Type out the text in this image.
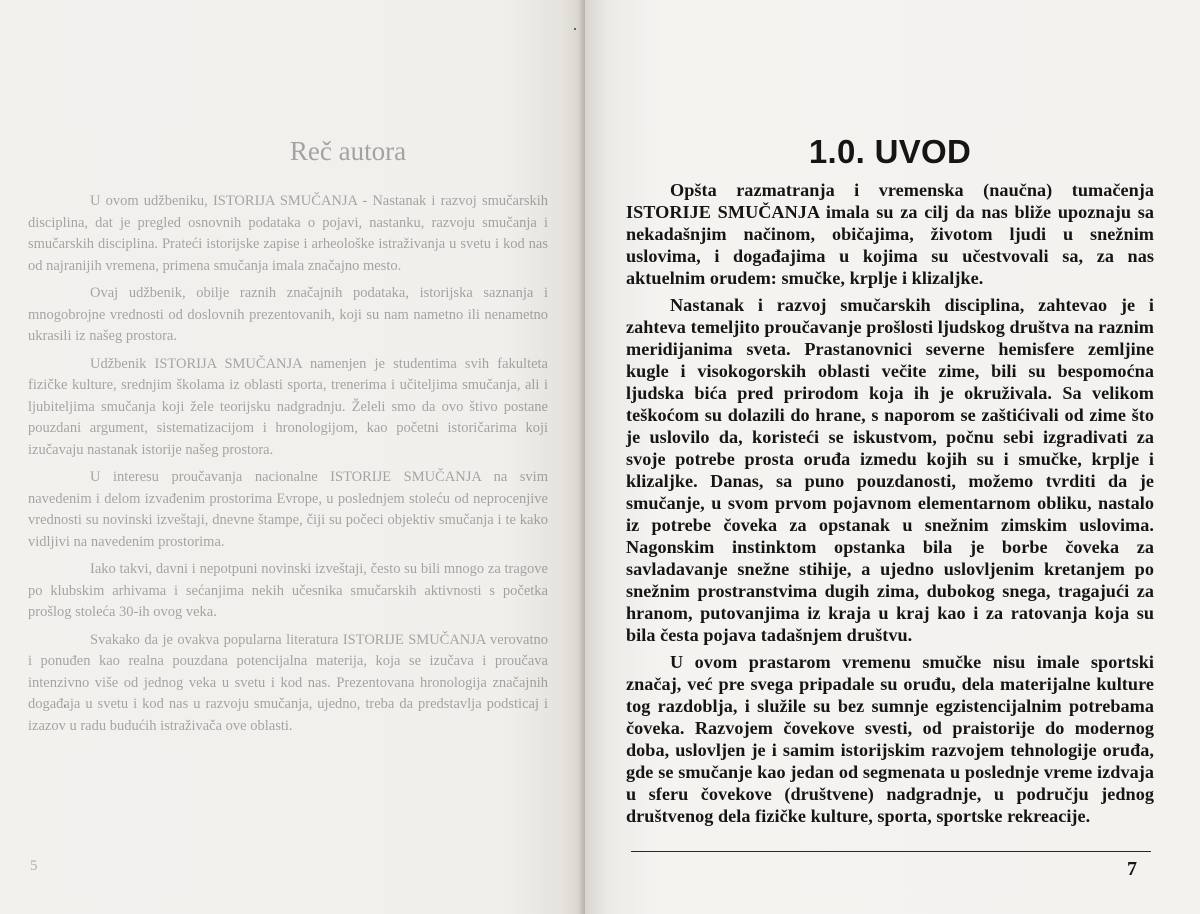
Reč autora

U ovom udžbeniku, ISTORIJA SMUČANJA - Nastanak i razvoj smučarskih disciplina, dat je pregled osnovnih podataka o pojavi, nastanku, razvoju smučanja i smučarskih disciplina. Prateći istorijske zapise i arheološke istraživanja u svetu i kod nas od najranijih vremena, primena smučanja imala značajno mesto.

Ovaj udžbenik, obilje raznih značajnih podataka, istorijska saznanja i mnogobrojne vrednosti od doslovnih prezentovanih, koji su nam nametno ili nenametno ukrasili iz našeg prostora.

Udžbenik ISTORIJA SMUČANJA namenjen je studentima svih fakulteta fizičke kulture, srednjim školama iz oblasti sporta, trenerima i učiteljima smučanja, ali i ljubiteljima smučanja koji žele teorijsku nadgradnju. Želeli smo da ovo štivo postane pouzdani argument, sistematizacijom i hronologijom, kao početni istoričarima koji izučavaju nastanak istorije našeg prostora.

U interesu proučavanja nacionalne ISTORIJE SMUČANJA na svim navedenim i delom izvađenim prostorima Evrope, u poslednjem stoleću od neprocenjive vrednosti su novinski izveštaji, dnevne štampe, čiji su počeci objektiv smučanja i te kako vidljivi na navedenim prostorima.

Iako takvi, davni i nepotpuni novinski izveštaji, često su bili mnogo za tragove po klubskim arhivama i sećanjima nekih učesnika smučarskih aktivnosti s početka prošlog stoleća 30-ih ovog veka.

Svakako da je ovakva popularna literatura ISTORIJE SMUČANJA verovatno i ponuđen kao realna pouzdana potencijalna materija, koja se izučava i proučava intenzivno više od jednog veka u svetu i kod nas. Prezentovana hronologija značajnih događaja u svetu i kod nas u razvoju smučanja, ujedno, treba da predstavlja podsticaj i izazov u radu budućih istraživača ove oblasti.

5
1.0. UVOD

Opšta razmatranja i vremenska (naučna) tumačenja ISTORIJE SMUČANJA imala su za cilj da nas bliže upoznaju sa nekadašnjim načinom, običajima, životom ljudi u snežnim uslovima, i događajima u kojima su učestvovali sa, za nas aktuelnim orudem: smučke, krplje i klizaljke.

Nastanak i razvoj smučarskih disciplina, zahtevao je i zahteva temeljito proučavanje prošlosti ljudskog društva na raznim meridijanima sveta. Prastanovnici severne hemisfere zemljine kugle i visokogorskih oblasti večite zime, bili su bespomoćna ljudska bića pred prirodom koja ih je okruživala. Sa velikom teškoćom su dolazili do hrane, s naporom se zaštićivali od zime što je uslovilo da, koristeći se iskustvom, počnu sebi izgradivati za svoje potrebe prosta oruđa izmedu kojih su i smučke, krplje i klizaljke. Danas, sa puno pouzdanosti, možemo tvrditi da je smučanje, u svom prvom pojavnom elementarnom obliku, nastalo iz potrebe čoveka za opstanak u snežnim zimskim uslovima. Nagonskim instinktom opstanka bila je borbe čoveka za savladavanje snežne stihije, a ujedno uslovljenim kretanjem po snežnim prostranstvima dugih zima, dubokog snega, tragajući za hranom, putovanjima iz kraja u kraj kao i za ratovanja koja su bila česta pojava tadašnjem društvu.

U ovom prastarom vremenu smučke nisu imale sportski značaj, već pre svega pripadale su oruđu, dela materijalne kulture tog razdoblja, i služile su bez sumnje egzistencijalnim potrebama čoveka. Razvojem čovekove svesti, od praistorije do modernog doba, uslovljen je i samim istorijskim razvojem tehnologije oruđa, gde se smučanje kao jedan od segmenata u poslednje vreme izdvaja u sferu čovekove (društvene) nadgradnje, u području jednog društvenog dela fizičke kulture, sporta, sportske rekreacije.

7
